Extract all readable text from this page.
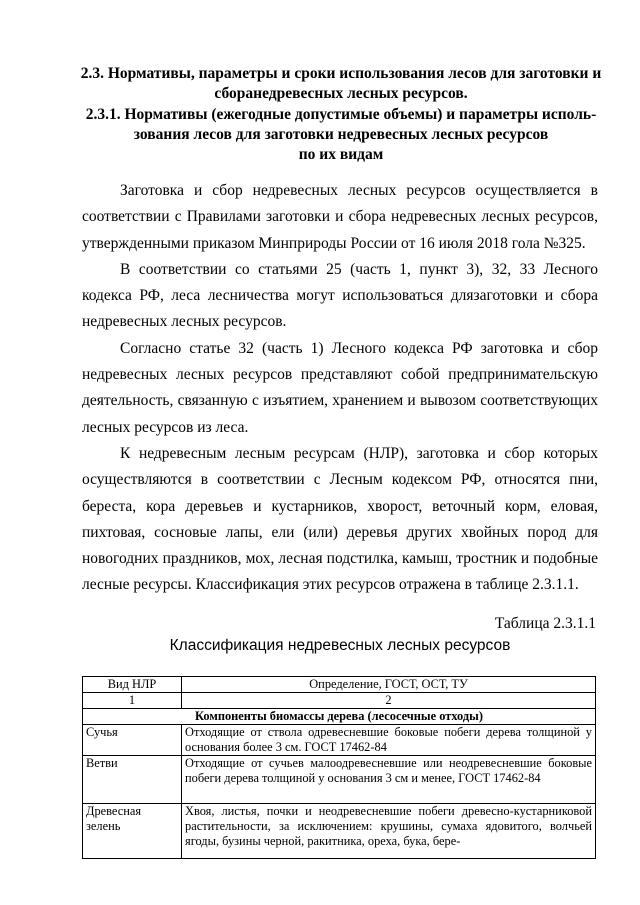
2.3. Нормативы, параметры и сроки использования лесов для заготовки и

сборанедревесных лесных ресурсов.

2.3.1. Нормативы (ежегодные допустимые объемы) и параметры исполь-

зования лесов для заготовки недревесных лесных ресурсов

по их видам

Заготовка и сбор недревесных лесных ресурсов осуществляется в соответствии с Правилами заготовки и сбора недревесных лесных ресурсов, утвержденными приказом Минприроды России от 16 июля 2018 гола №325.

В соответствии со статьями 25 (часть 1, пункт 3), 32, 33 Лесного кодекса РФ, леса лесничества могут использоваться длязаготовки и сбора недревесных лесных ресурсов.

Согласно статье 32 (часть 1) Лесного кодекса РФ заготовка и сбор недревесных лесных ресурсов представляют собой предпринимательскую деятельность, связанную с изъятием, хранением и вывозом соответствующих лесных ресурсов из леса.

К недревесным лесным ресурсам (НЛР), заготовка и сбор которых осуществляются в соответствии с Лесным кодексом РФ, относятся пни, береста, кора деревьев и кустарников, хворост, веточный корм, еловая, пихтовая, сосновые лапы, ели (или) деревья других хвойных пород для новогодних праздников, мох, лесная подстилка, камыш, тростник и подобные лесные ресурсы. Классификация этих ресурсов отражена в таблице 2.3.1.1.

Таблица 2.3.1.1
Классификация недревесных лесных ресурсов
Вид НЛР	Определение, ГОСТ, ОСТ, ТУ
1	2
Компоненты биомассы дерева (лесосечные отходы)	
Сучья	Отходящие от ствола одревесневшие боковые побеги дерева толщиной у основания более 3 см. ГОСТ 17462-84
Ветви	Отходящие от сучьев малоодревесневшие или неодревесневшие боковые побеги дерева толщиной у основания 3 см и менее, ГОСТ 17462-84
Древесная зелень	Хвоя, листья, почки и неодревесневшие побеги древесно-кустарниковой растительности, за исключением: крушины, сумаха ядовитого, волчьей ягоды, бузины черной, ракитника, ореха, бука, бере-
